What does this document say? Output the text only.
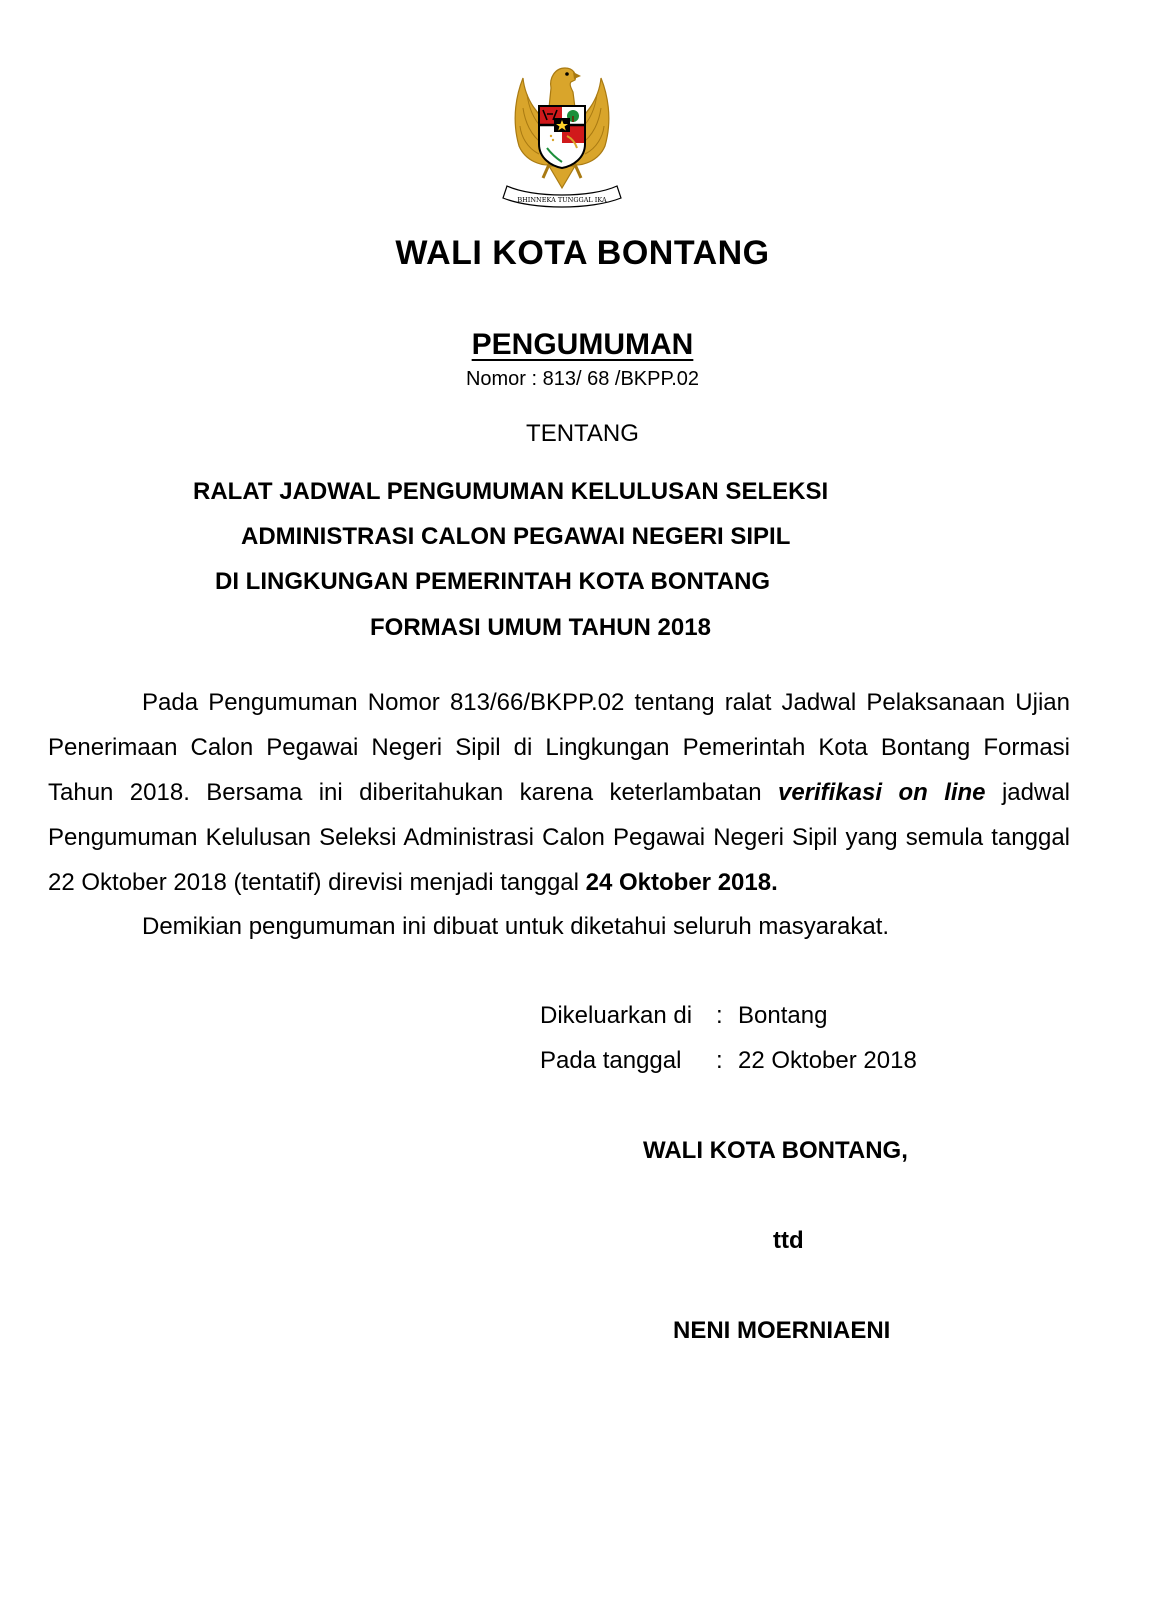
BHINNEKA TUNGGAL IKA
WALI KOTA BONTANG
PENGUMUMAN

Nomor : 813/ 68 /BKPP.02

TENTANG

RALAT JADWAL PENGUMUMAN KELULUSAN SELEKSI

ADMINISTRASI CALON PEGAWAI NEGERI SIPIL

DI LINGKUNGAN PEMERINTAH KOTA BONTANG

FORMASI UMUM TAHUN 2018

Pada Pengumuman Nomor 813/66/BKPP.02 tentang ralat Jadwal Pelaksanaan Ujian Penerimaan Calon Pegawai Negeri Sipil di Lingkungan Pemerintah Kota Bontang Formasi Tahun 2018. Bersama ini diberitahukan karena keterlambatan verifikasi on line jadwal Pengumuman Kelulusan Seleksi Administrasi Calon Pegawai Negeri Sipil yang semula tanggal 22 Oktober 2018 (tentatif) direvisi menjadi tanggal 24 Oktober 2018.

Demikian pengumuman ini dibuat untuk diketahui seluruh masyarakat.

Dikeluarkan di : Bontang

Pada tanggal : 22 Oktober 2018

WALI KOTA BONTANG,

ttd

NENI MOERNIAENI
